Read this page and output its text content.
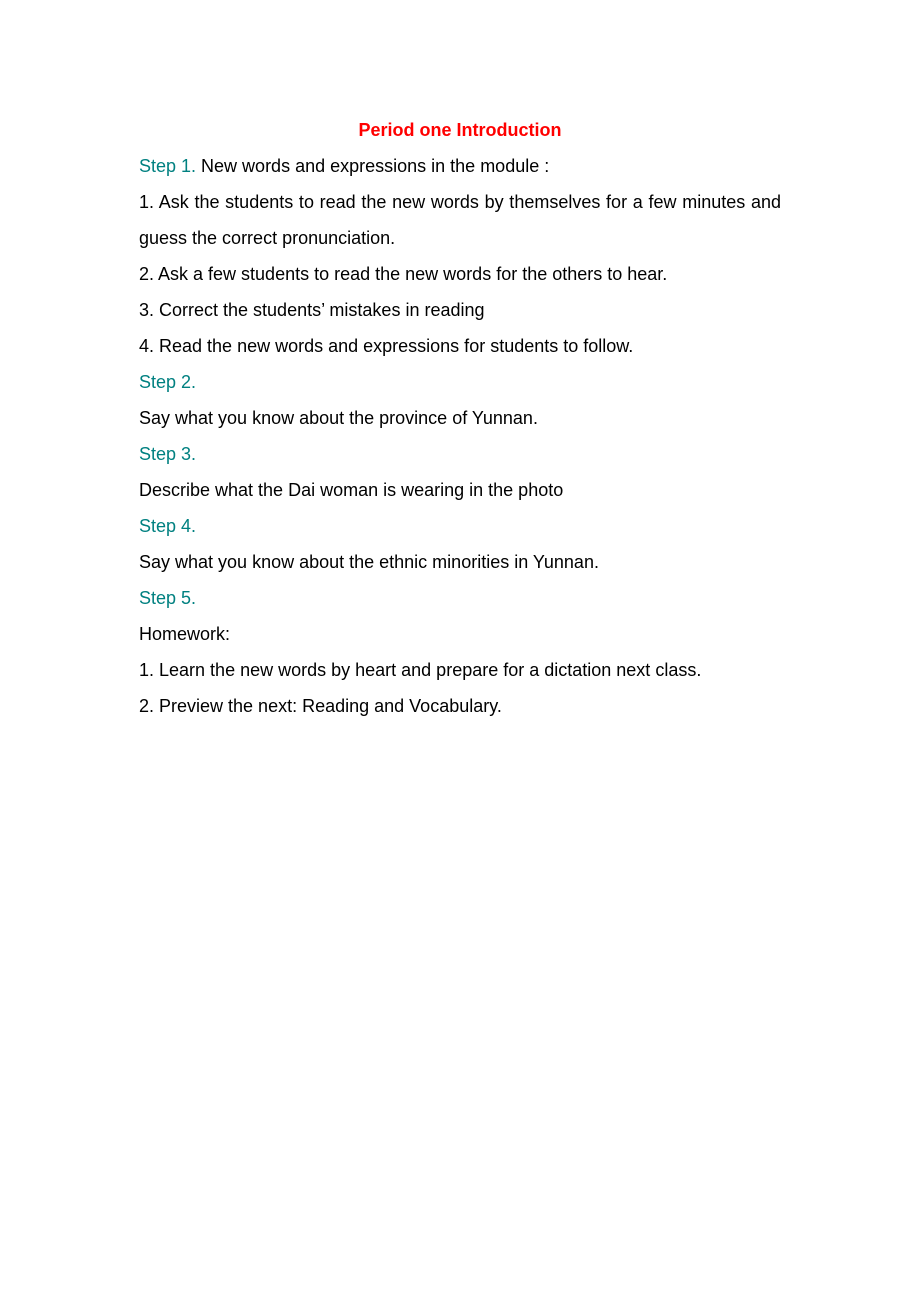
Period one Introduction

Step 1. New words and expressions in the module :

1. Ask the students to read the new words by themselves for a few minutes and guess the correct pronunciation.

2. Ask a few students to read the new words for the others to hear.

3. Correct the students’ mistakes in reading

4. Read the new words and expressions for students to follow.

Step 2.

Say what you know about the province of Yunnan.

Step 3.

Describe what the Dai woman is wearing in the photo

Step 4.

Say what you know about the ethnic minorities in Yunnan.

Step 5.

Homework:

1. Learn the new words by heart and prepare for a dictation next class.

2. Preview the next: Reading and Vocabulary.
